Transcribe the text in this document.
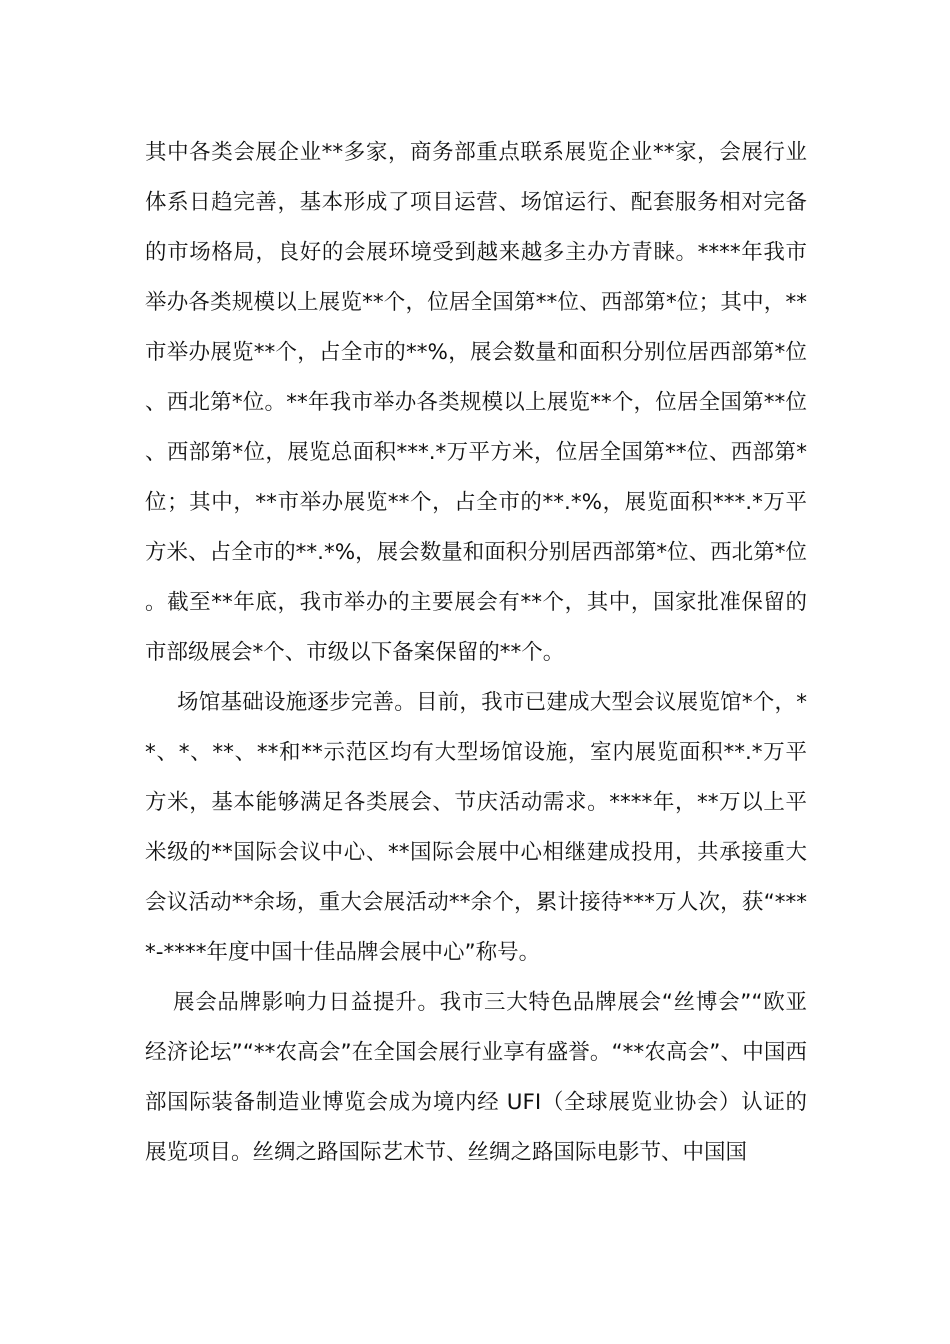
其中各类会展企业**多家，商务部重点联系展览企业**家，会展行业体系日趋完善，基本形成了项目运营、场馆运行、配套服务相对完备的市场格局，良好的会展环境受到越来越多主办方青睐。****年我市举办各类规模以上展览**个，位居全国第**位、西部第*位；其中，**市举办展览**个，占全市的**%，展会数量和面积分别位居西部第*位、西北第*位。**年我市举办各类规模以上展览**个，位居全国第**位、西部第*位，展览总面积***.*万平方米，位居全国第**位、西部第*位；其中，**市举办展览**个，占全市的**.*%，展览面积***.*万平方米、占全市的**.*%，展会数量和面积分别居西部第*位、西北第*位。截至**年底，我市举办的主要展会有**个，其中，国家批准保留的市部级展会*个、市级以下备案保留的**个。

场馆基础设施逐步完善。目前，我市已建成大型会议展览馆*个，**、*、**、**和**示范区均有大型场馆设施，室内展览面积**.*万平方米，基本能够满足各类展会、节庆活动需求。****年，**万以上平米级的**国际会议中心、**国际会展中心相继建成投用，共承接重大会议活动**余场，重大会展活动**余个，累计接待***万人次，获“****-****年度中国十佳品牌会展中心”称号。

展会品牌影响力日益提升。我市三大特色品牌展会“丝博会”“欧亚经济论坛”“**农高会”在全国会展行业享有盛誉。“**农高会”、中国西部国际装备制造业博览会成为境内经 UFI（全球展览业协会）认证的展览项目。丝绸之路国际艺术节、丝绸之路国际电影节、中国国
